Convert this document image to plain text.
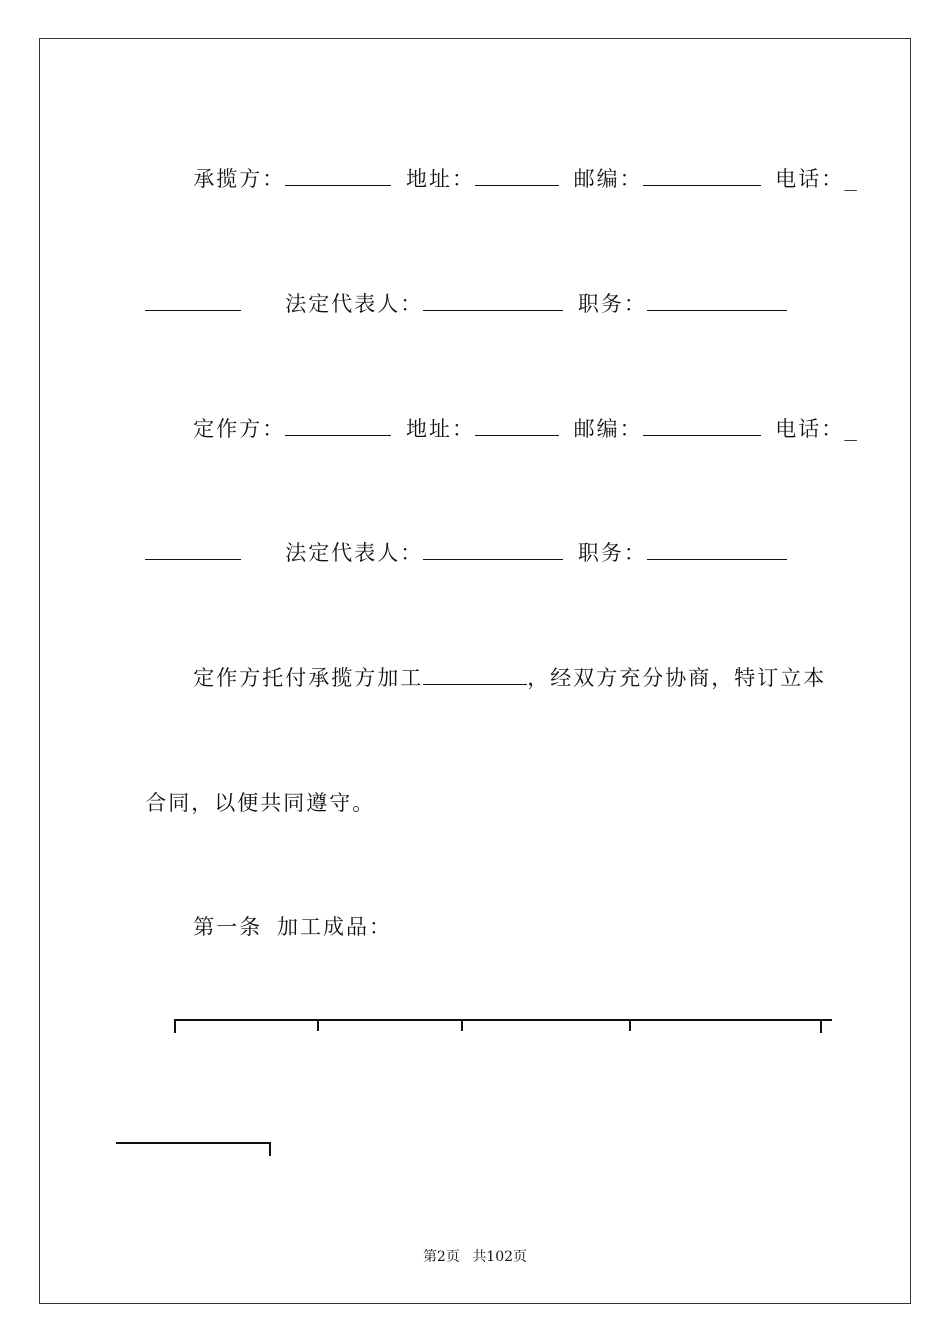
承揽方：	地址：	邮编：	电话：_

法定代表人：	职务：

定作方：	地址：	邮编：	电话：_

法定代表人：	职务：

定作方托付承揽方加工	，经双方充分协商，特订立本

合同，以便共同遵守。

第一条 加工成品：

第2页 共102页
